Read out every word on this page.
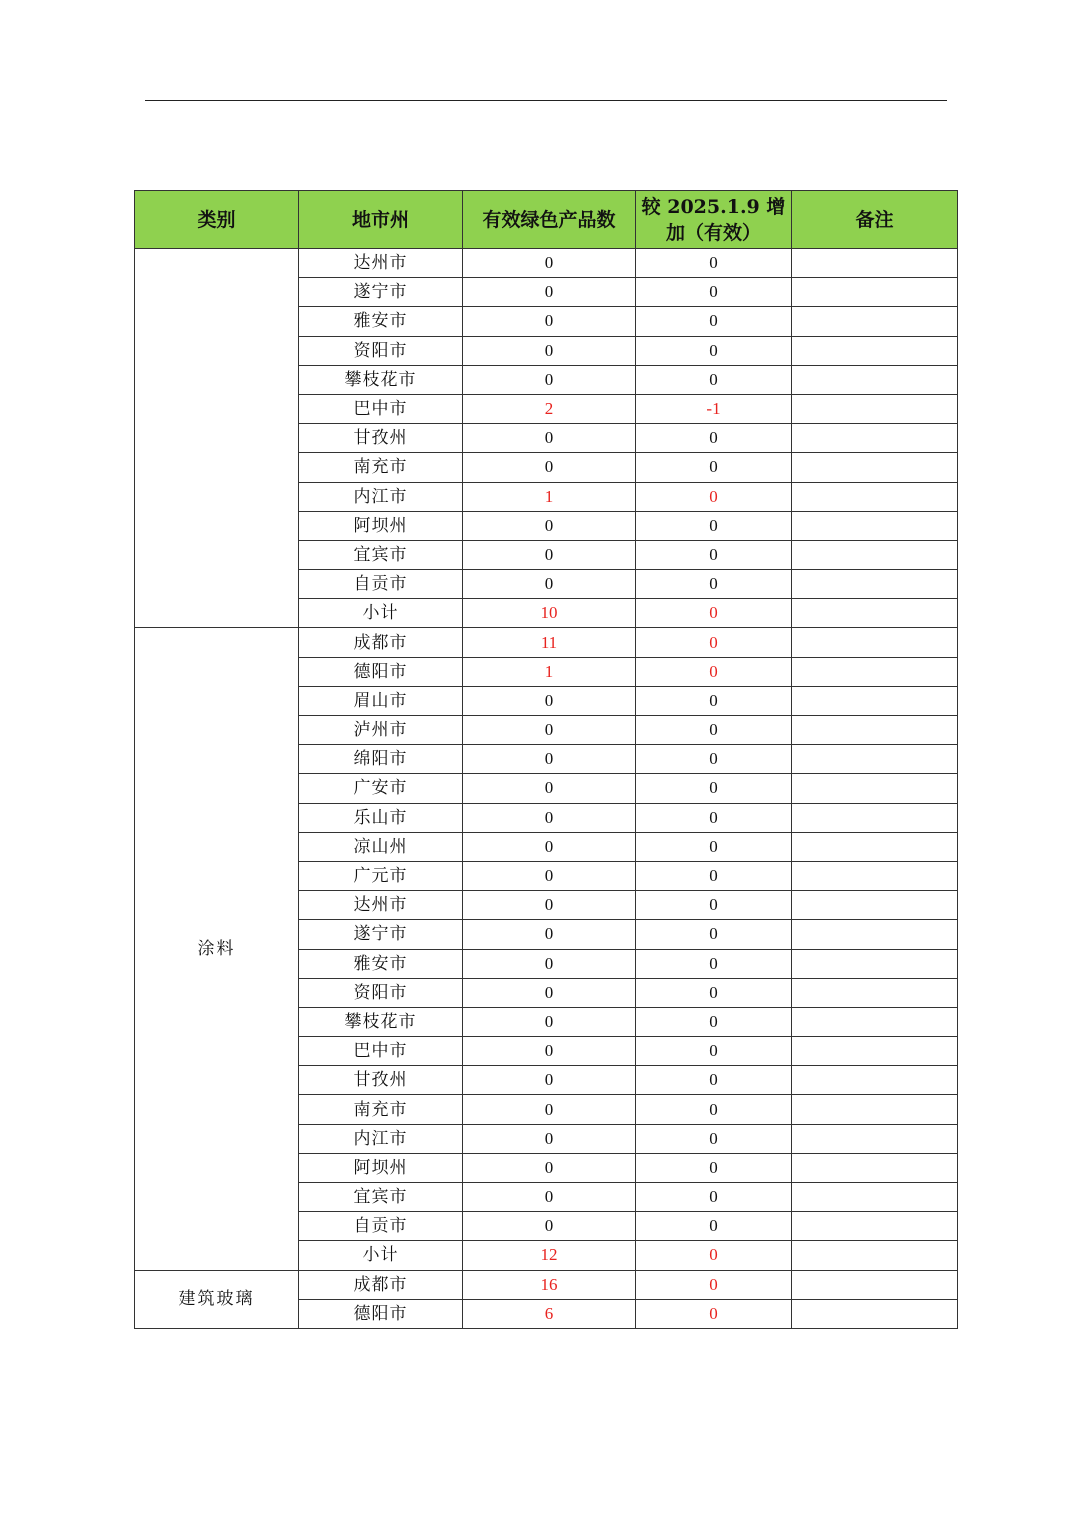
类别	地市州	有效绿色产品数	较 2025.1.9 增
加（有效）	备注
	达州市	0	0	
	遂宁市	0	0	
	雅安市	0	0	
	资阳市	0	0	
	攀枝花市	0	0	
	巴中市	2	-1	
	甘孜州	0	0	
	南充市	0	0	
	内江市	1	0	
	阿坝州	0	0	
	宜宾市	0	0	
	自贡市	0	0	
	小计	10	0	
涂料	成都市	11	0	
	德阳市	1	0	
	眉山市	0	0	
	泸州市	0	0	
	绵阳市	0	0	
	广安市	0	0	
	乐山市	0	0	
	凉山州	0	0	
	广元市	0	0	
	达州市	0	0	
	遂宁市	0	0	
	雅安市	0	0	
	资阳市	0	0	
	攀枝花市	0	0	
	巴中市	0	0	
	甘孜州	0	0	
	南充市	0	0	
	内江市	0	0	
	阿坝州	0	0	
	宜宾市	0	0	
	自贡市	0	0	
	小计	12	0	
建筑玻璃	成都市	16	0	
	德阳市	6	0	
